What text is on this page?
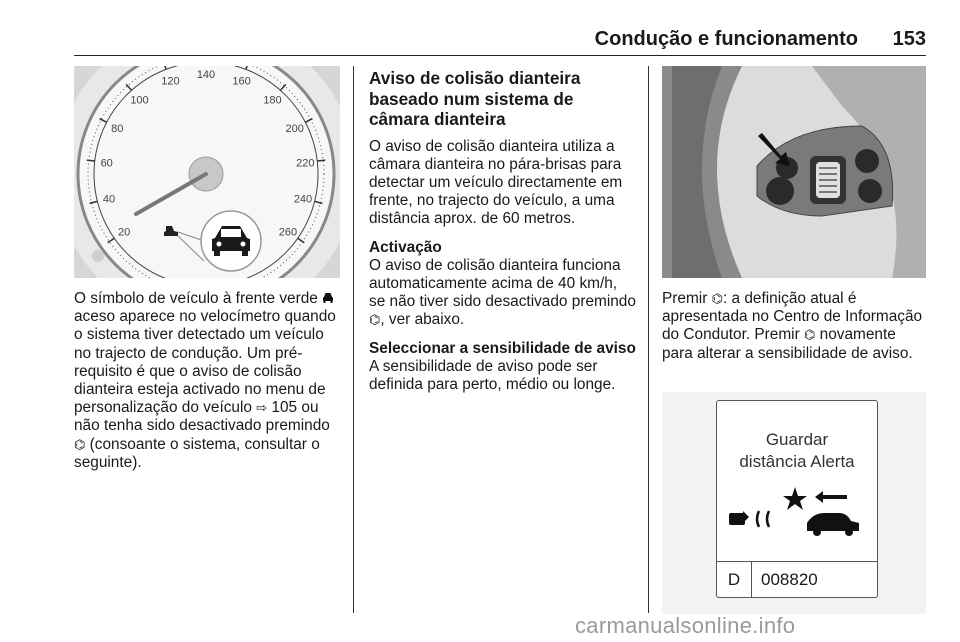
Condução e funcionamento 153
20
40
60
80
100
120
140
160
180
200
220
240
260

O símbolo de veículo à frente verde  aceso aparece no velocímetro quando o sistema tiver detectado um veículo no trajecto de condução. Um pré-requisito é que o aviso de colisão dianteira esteja activado no menu de personalização do veículo ⇨ 105 ou não tenha sido desactivado premindo ⌬ (consoante o sistema, consultar o seguinte).

Aviso de colisão dianteira baseado num sistema de câmara dianteira

O aviso de colisão dianteira utiliza a câmara dianteira no pára-brisas para detectar um veículo directamente em frente, no trajecto do veículo, a uma distância aprox. de 60 metros.

Activação
O aviso de colisão dianteira funciona automaticamente acima de 40 km/h, se não tiver sido desactivado premindo ⌬, ver abaixo.

Seleccionar a sensibilidade de aviso
A sensibilidade de aviso pode ser definida para perto, médio ou longe.

Premir ⌬: a definição atual é apresentada no Centro de Informação do Condutor. Premir ⌬ novamente para alterar a sensibilidade de aviso.

Guardar
distância Alerta
D	008820
carmanualsonline.info
